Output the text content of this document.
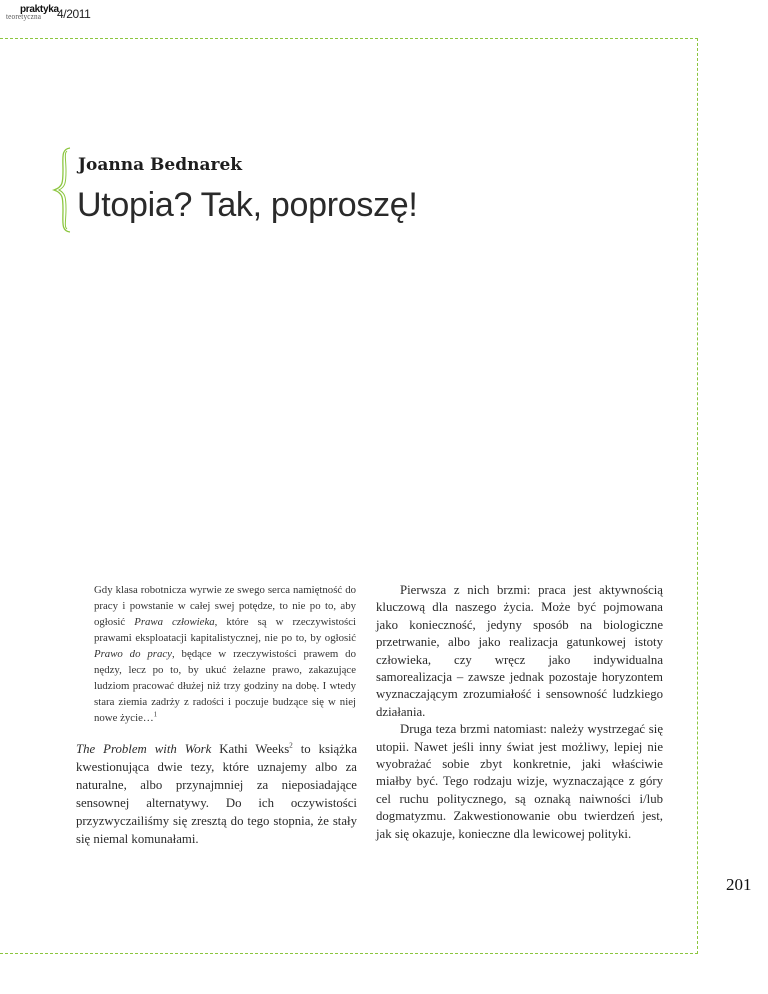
praktyka
teoretyczna 4/2011
Joanna Bednarek
Utopia? Tak, poproszę!
Gdy klasa robotnicza wyrwie ze swego serca namiętność do pracy i powstanie w całej swej potędze, to nie po to, aby ogłosić Prawa człowieka, które są w rzeczywistości prawami eksploatacji kapitalistycznej, nie po to, by ogłosić Prawo do pracy, będące w rzeczywistości prawem do nędzy, lecz po to, by ukuć żelazne prawo, zakazujące ludziom pracować dłużej niż trzy godziny na dobę. I wtedy stara ziemia zadrży z radości i poczuje budzące się w niej nowe życie…$^1$
The Problem with Work Kathi Weeks$^2$ to książka kwestionująca dwie tezy, które uznajemy albo za naturalne, albo przynajmniej za nieposiadające sensownej alternatywy. Do ich oczywistości przyzwyczailiśmy się zresztą do tego stopnia, że stały się niemal komunałami.

Pierwsza z nich brzmi: praca jest aktywnością kluczową dla naszego życia. Może być pojmowana jako konieczność, jedyny sposób na biologiczne przetrwanie, albo jako realizacja gatunkowej istoty człowieka, czy wręcz jako indywidualna samorealizacja – zawsze jednak pozostaje horyzontem wyznaczającym zrozumiałość i sensowność ludzkiego działania.

Druga teza brzmi natomiast: należy wystrzegać się utopii. Nawet jeśli inny świat jest możliwy, lepiej nie wyobrażać sobie zbyt konkretnie, jaki właściwie miałby być. Tego rodzaju wizje, wyznaczające z góry cel ruchu politycznego, są oznaką naiwności i/lub dogmatyzmu. Zakwestionowanie obu twierdzeń jest, jak się okazuje, konieczne dla lewicowej polityki.

201
